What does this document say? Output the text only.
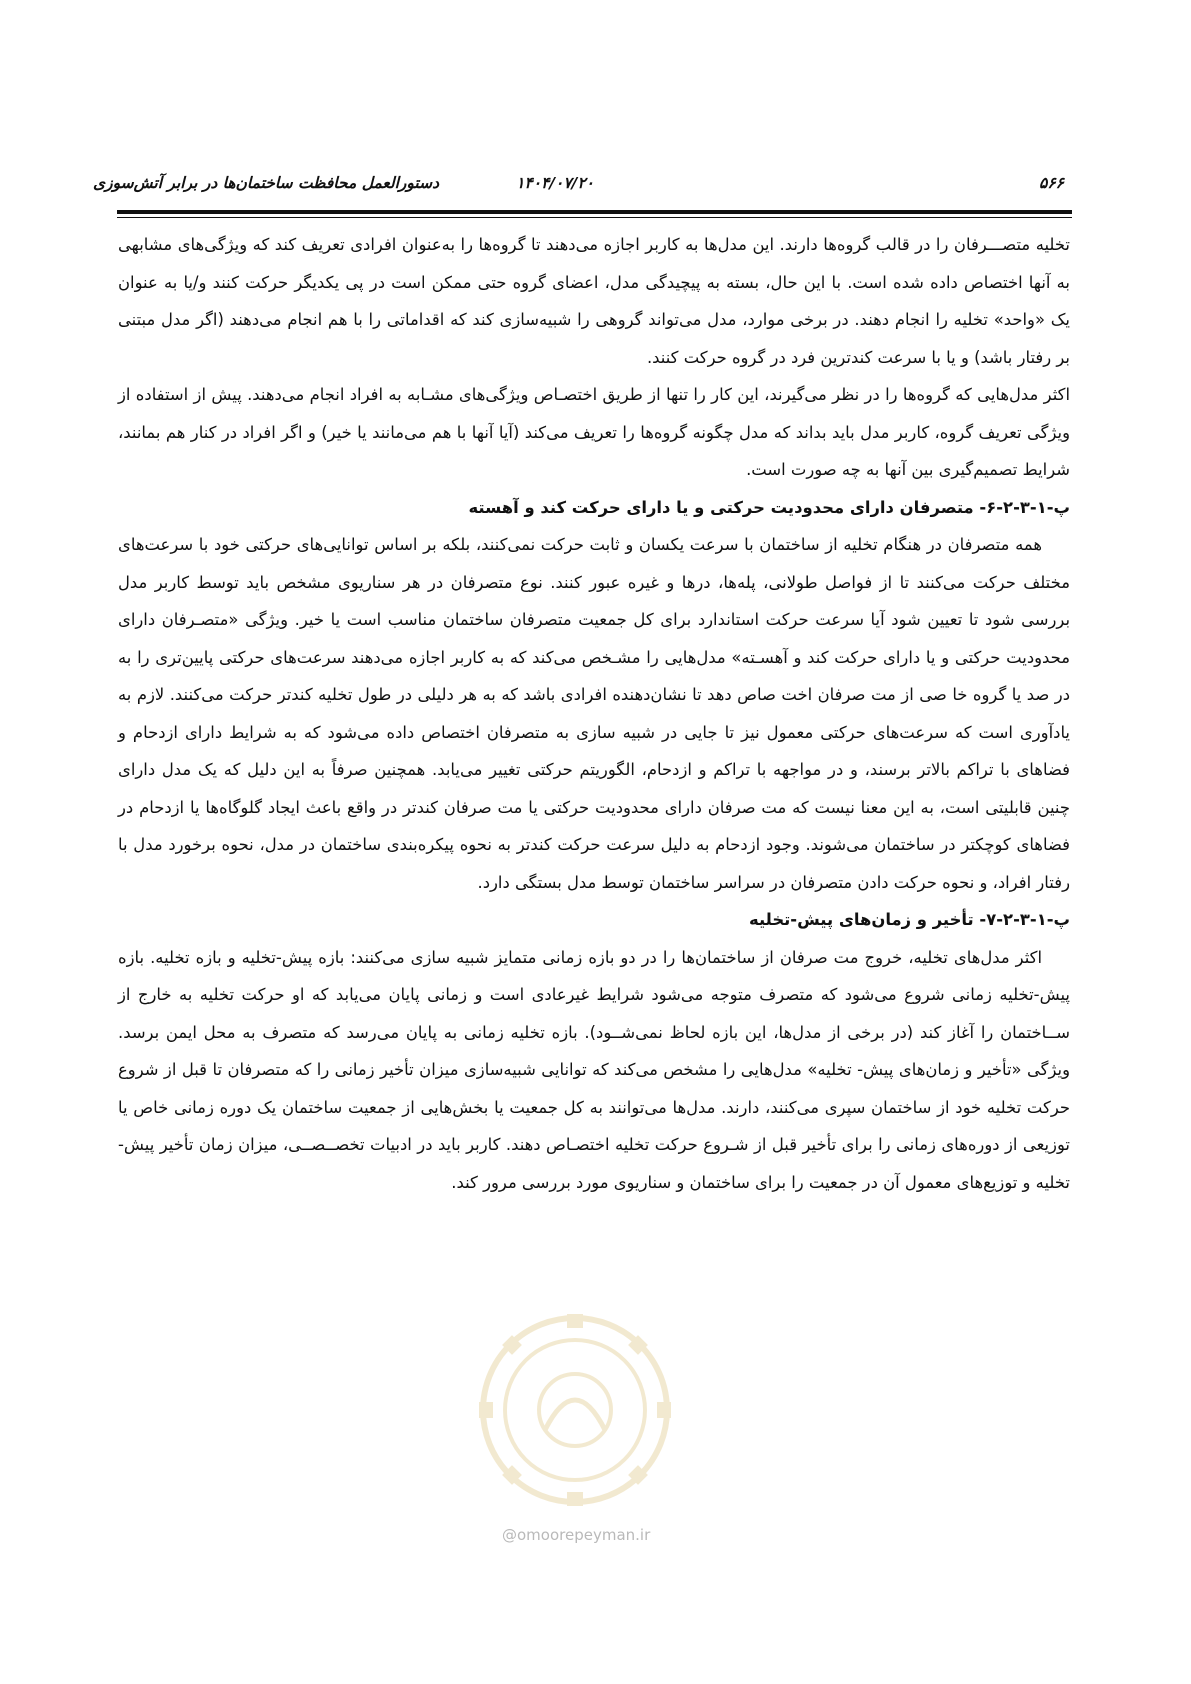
۵۶۶
۱۴۰۴/۰۷/۲۰
دستورالعمل محافظت ساختمان‌ها در برابر آتش‌سوزی

تخلیه متصـــرفان را در قالب گروه‌ها دارند. این مدل‌ها به کاربر اجازه می‌دهند تا گروه‌ها را به‌عنوان افرادی تعریف کند که ویژگی‌های مشابهی به آنها اختصاص داده شده است. با این حال، بسته به پیچیدگی مدل، اعضای گروه حتی ممکن است در پی یکدیگر حرکت کنند و/یا به عنوان یک «واحد» تخلیه را انجام دهند. در برخی موارد، مدل می‌تواند گروهی را شبیه‌سازی کند که اقداماتی را با هم انجام می‌دهند (اگر مدل مبتنی بر رفتار باشد) و یا با سرعت کندترین فرد در گروه حرکت کنند.

اکثر مدل‌هایی که گروه‌ها را در نظر می‌گیرند، این کار را تنها از طریق اختصـاص ویژگی‌های مشـابه به افراد انجام می‌دهند. پیش از استفاده از ویژگی تعریف گروه، کاربر مدل باید بداند که مدل چگونه گروه‌ها را تعریف می‌کند (آیا آنها با هم می‌مانند یا خیر) و اگر افراد در کنار هم بمانند، شرایط تصمیم‌گیری بین آنها به چه صورت است.

پ-۱-۳-۲-۶- متصرفان دارای محدودیت حرکتی و یا دارای حرکت کند و آهسته

همه متصرفان در هنگام تخلیه از ساختمان با سرعت یکسان و ثابت حرکت نمی‌کنند، بلکه بر اساس توانایی‌های حرکتی خود با سرعت‌های مختلف حرکت می‌کنند تا از فواصل طولانی، پله‌ها، درها و غیره عبور کنند. نوع متصرفان در هر سناریوی مشخص باید توسط کاربر مدل بررسی شود تا تعیین شود آیا سرعت حرکت استاندارد برای کل جمعیت متصرفان ساختمان مناسب است یا خیر. ویژگی «متصـرفان دارای محدودیت حرکتی و یا دارای حرکت کند و آهسـته» مدل‌هایی را مشـخص می‌کند که به کاربر اجازه می‌دهند سرعت‌های حرکتی پایین‌تری را به در صد یا گروه خا صی از مت صرفان اخت صاص دهد تا نشان‌دهنده افرادی باشد که به هر دلیلی در طول تخلیه کندتر حرکت می‌کنند. لازم به یادآوری است که سرعت‌های حرکتی معمول نیز تا جایی در شبیه سازی به متصرفان اختصاص داده می‌شود که به شرایط دارای ازدحام و فضاهای با تراکم بالاتر برسند، و در مواجهه با تراکم و ازدحام، الگوریتم حرکتی تغییر می‌یابد. همچنین صرفاً به این دلیل که یک مدل دارای چنین قابلیتی است، به این معنا نیست که مت صرفان دارای محدودیت حرکتی یا مت صرفان کندتر در واقع باعث ایجاد گلوگاه‌ها یا ازدحام در فضاهای کوچکتر در ساختمان می‌شوند. وجود ازدحام به دلیل سرعت حرکت کندتر به نحوه پیکره‌بندی ساختمان در مدل، نحوه برخورد مدل با رفتار افراد، و نحوه حرکت دادن متصرفان در سراسر ساختمان توسط مدل بستگی دارد.

پ-۱-۳-۲-۷- تأخیر و زمان‌های پیش-تخلیه

اکثر مدل‌های تخلیه، خروج مت صرفان از ساختمان‌ها را در دو بازه زمانی متمایز شبیه سازی می‌کنند: بازه پیش-تخلیه و بازه تخلیه. بازه پیش-تخلیه زمانی شروع می‌شود که متصرف متوجه می‌شود شرایط غیرعادی است و زمانی پایان می‌یابد که او حرکت تخلیه به خارج از ســاختمان را آغاز کند (در برخی از مدل‌ها، این بازه لحاظ نمی‌شــود). بازه تخلیه زمانی به پایان می‌رسد که متصرف به محل ایمن برسد. ویژگی «تأخیر و زمان‌های پیش- تخلیه» مدل‌هایی را مشخص می‌کند که توانایی شبیه‌سازی میزان تأخیر زمانی را که متصرفان تا قبل از شروع حرکت تخلیه خود از ساختمان سپری می‌کنند، دارند. مدل‌ها می‌توانند به کل جمعیت یا بخش‌هایی از جمعیت ساختمان یک دوره زمانی خاص یا توزیعی از دوره‌های زمانی را برای تأخیر قبل از شـروع حرکت تخلیه اختصـاص دهند. کاربر باید در ادبیات تخصــصــی، میزان زمان تأخیر پیش-تخلیه و توزیع‌های معمول آن در جمعیت را برای ساختمان و سناریوی مورد بررسی مرور کند.

@omoorepeyman.ir
